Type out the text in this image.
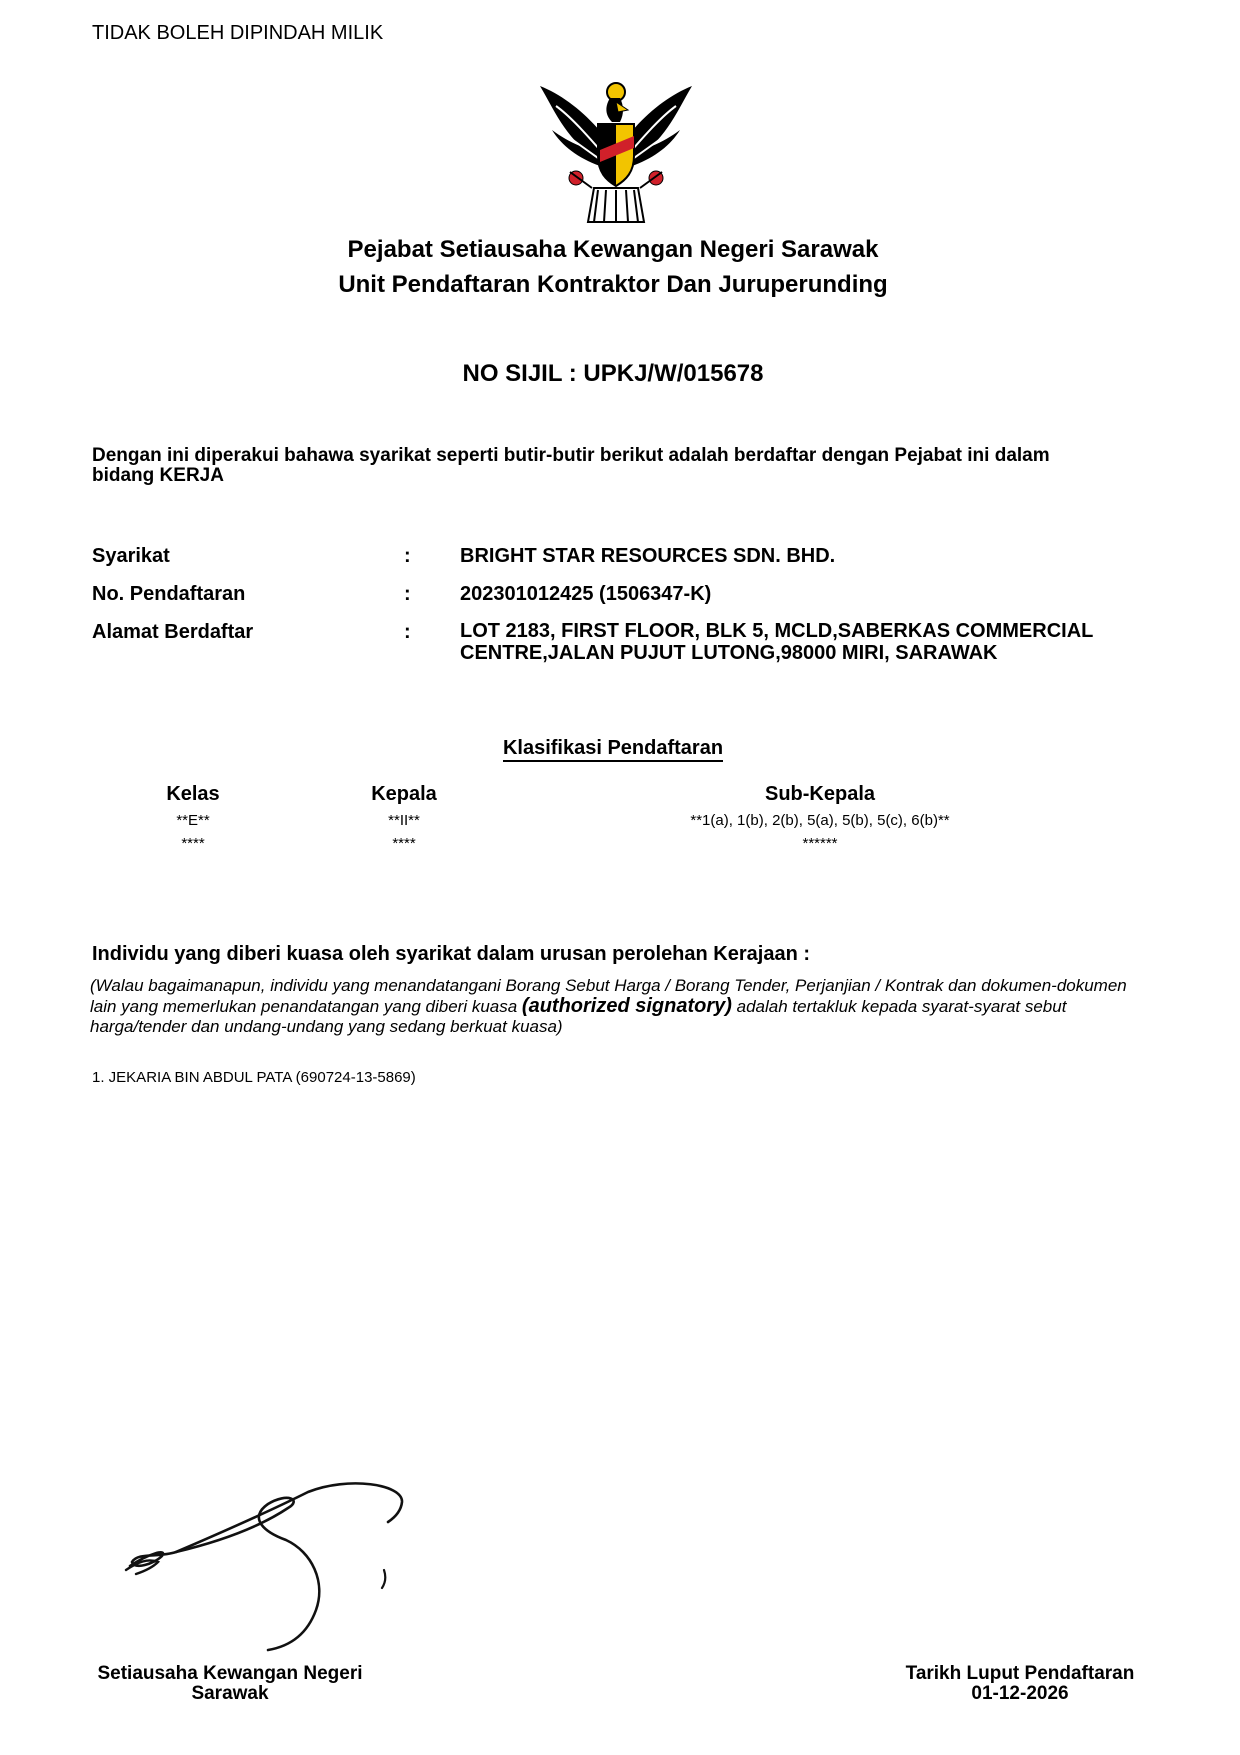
TIDAK BOLEH DIPINDAH MILIK
Pejabat Setiausaha Kewangan Negeri Sarawak
Unit Pendaftaran Kontraktor Dan Juruperunding
NO SIJIL : UPKJ/W/015678
Dengan ini diperakui bahawa syarikat seperti butir-butir berikut adalah berdaftar dengan Pejabat ini dalam bidang KERJA
Syarikat	: BRIGHT STAR RESOURCES SDN. BHD.
No. Pendaftaran	: 202301012425 (1506347-K)
Alamat Berdaftar	: LOT 2183, FIRST FLOOR, BLK 5, MCLD,SABERKAS COMMERCIAL CENTRE,JALAN PUJUT LUTONG,98000 MIRI, SARAWAK
Klasifikasi Pendaftaran
Kelas	Kepala	Sub-Kepala
**E**	**II**	**1(a), 1(b), 2(b), 5(a), 5(b), 5(c), 6(b)**
****	****	******
Individu yang diberi kuasa oleh syarikat dalam urusan perolehan Kerajaan :
(Walau bagaimanapun, individu yang menandatangani Borang Sebut Harga / Borang Tender, Perjanjian / Kontrak dan dokumen-dokumen lain yang memerlukan penandatangan yang diberi kuasa (authorized signatory) adalah tertakluk kepada syarat-syarat sebut harga/tender dan undang-undang yang sedang berkuat kuasa)
1. JEKARIA BIN ABDUL PATA (690724-13-5869)
Setiausaha Kewangan Negeri
Sarawak
Tarikh Luput Pendaftaran
01-12-2026
